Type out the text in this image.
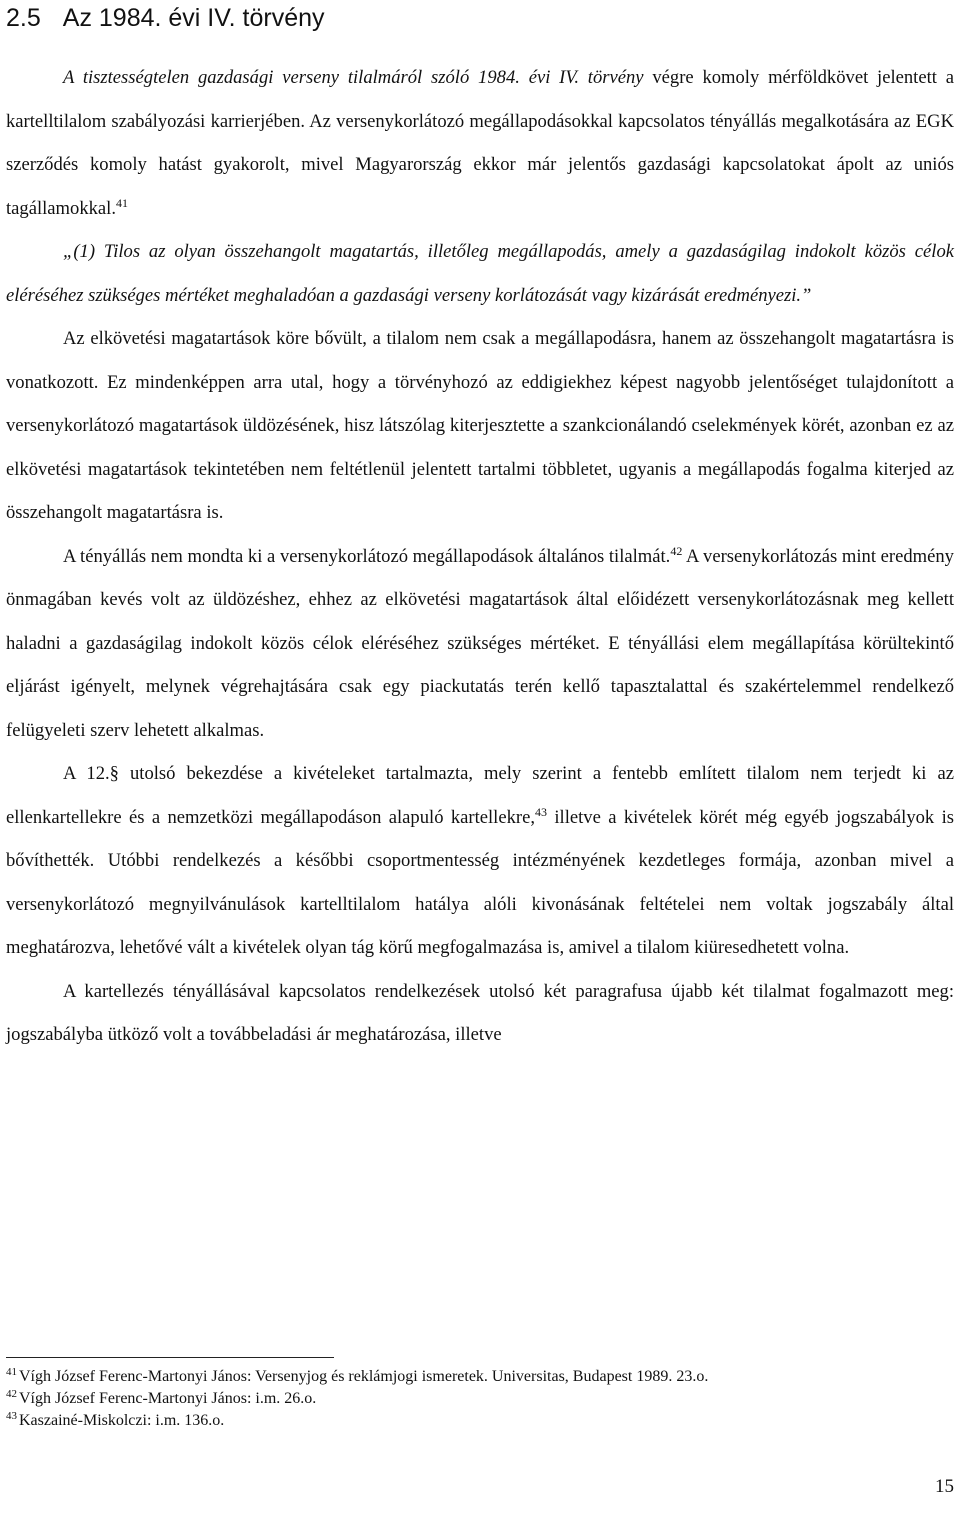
2.5 Az 1984. évi IV. törvény

A tisztességtelen gazdasági verseny tilalmáról szóló 1984. évi IV. törvény végre komoly mérföldkövet jelentett a kartelltilalom szabályozási karrierjében. Az versenykorlátozó megállapodásokkal kapcsolatos tényállás megalkotására az EGK szerződés komoly hatást gyakorolt, mivel Magyarország ekkor már jelentős gazdasági kapcsolatokat ápolt az uniós tagállamokkal.$^{41}$

„(1) Tilos az olyan összehangolt magatartás, illetőleg megállapodás, amely a gazdaságilag indokolt közös célok eléréséhez szükséges mértéket meghaladóan a gazdasági verseny korlátozását vagy kizárását eredményezi.”

Az elkövetési magatartások köre bővült, a tilalom nem csak a megállapodásra, hanem az összehangolt magatartásra is vonatkozott. Ez mindenképpen arra utal, hogy a törvényhozó az eddigiekhez képest nagyobb jelentőséget tulajdonított a versenykorlátozó magatartások üldözésének, hisz látszólag kiterjesztette a szankcionálandó cselekmények körét, azonban ez az elkövetési magatartások tekintetében nem feltétlenül jelentett tartalmi többletet, ugyanis a megállapodás fogalma kiterjed az összehangolt magatartásra is.

A tényállás nem mondta ki a versenykorlátozó megállapodások általános tilalmát.$^{42}$ A versenykorlátozás mint eredmény önmagában kevés volt az üldözéshez, ehhez az elkövetési magatartások által előidézett versenykorlátozásnak meg kellett haladni a gazdaságilag indokolt közös célok eléréséhez szükséges mértéket. E tényállási elem megállapítása körültekintő eljárást igényelt, melynek végrehajtására csak egy piackutatás terén kellő tapasztalattal és szakértelemmel rendelkező felügyeleti szerv lehetett alkalmas.

A 12.§ utolsó bekezdése a kivételeket tartalmazta, mely szerint a fentebb említett tilalom nem terjedt ki az ellenkartellekre és a nemzetközi megállapodáson alapuló kartellekre,$^{43}$ illetve a kivételek körét még egyéb jogszabályok is bővíthették. Utóbbi rendelkezés a későbbi csoportmentesség intézményének kezdetleges formája, azonban mivel a versenykorlátozó megnyilvánulások kartelltilalom hatálya alóli kivonásának feltételei nem voltak jogszabály által meghatározva, lehetővé vált a kivételek olyan tág körű megfogalmazása is, amivel a tilalom kiüresedhetett volna.

A kartellezés tényállásával kapcsolatos rendelkezések utolsó két paragrafusa újabb két tilalmat fogalmazott meg: jogszabályba ütköző volt a továbbeladási ár meghatározása, illetve

$^{41}$ Vígh József Ferenc-Martonyi János: Versenyjog és reklámjogi ismeretek. Universitas, Budapest 1989. 23.o.
$^{42}$ Vígh József Ferenc-Martonyi János: i.m. 26.o.
$^{43}$ Kaszainé-Miskolczi: i.m. 136.o.
15
